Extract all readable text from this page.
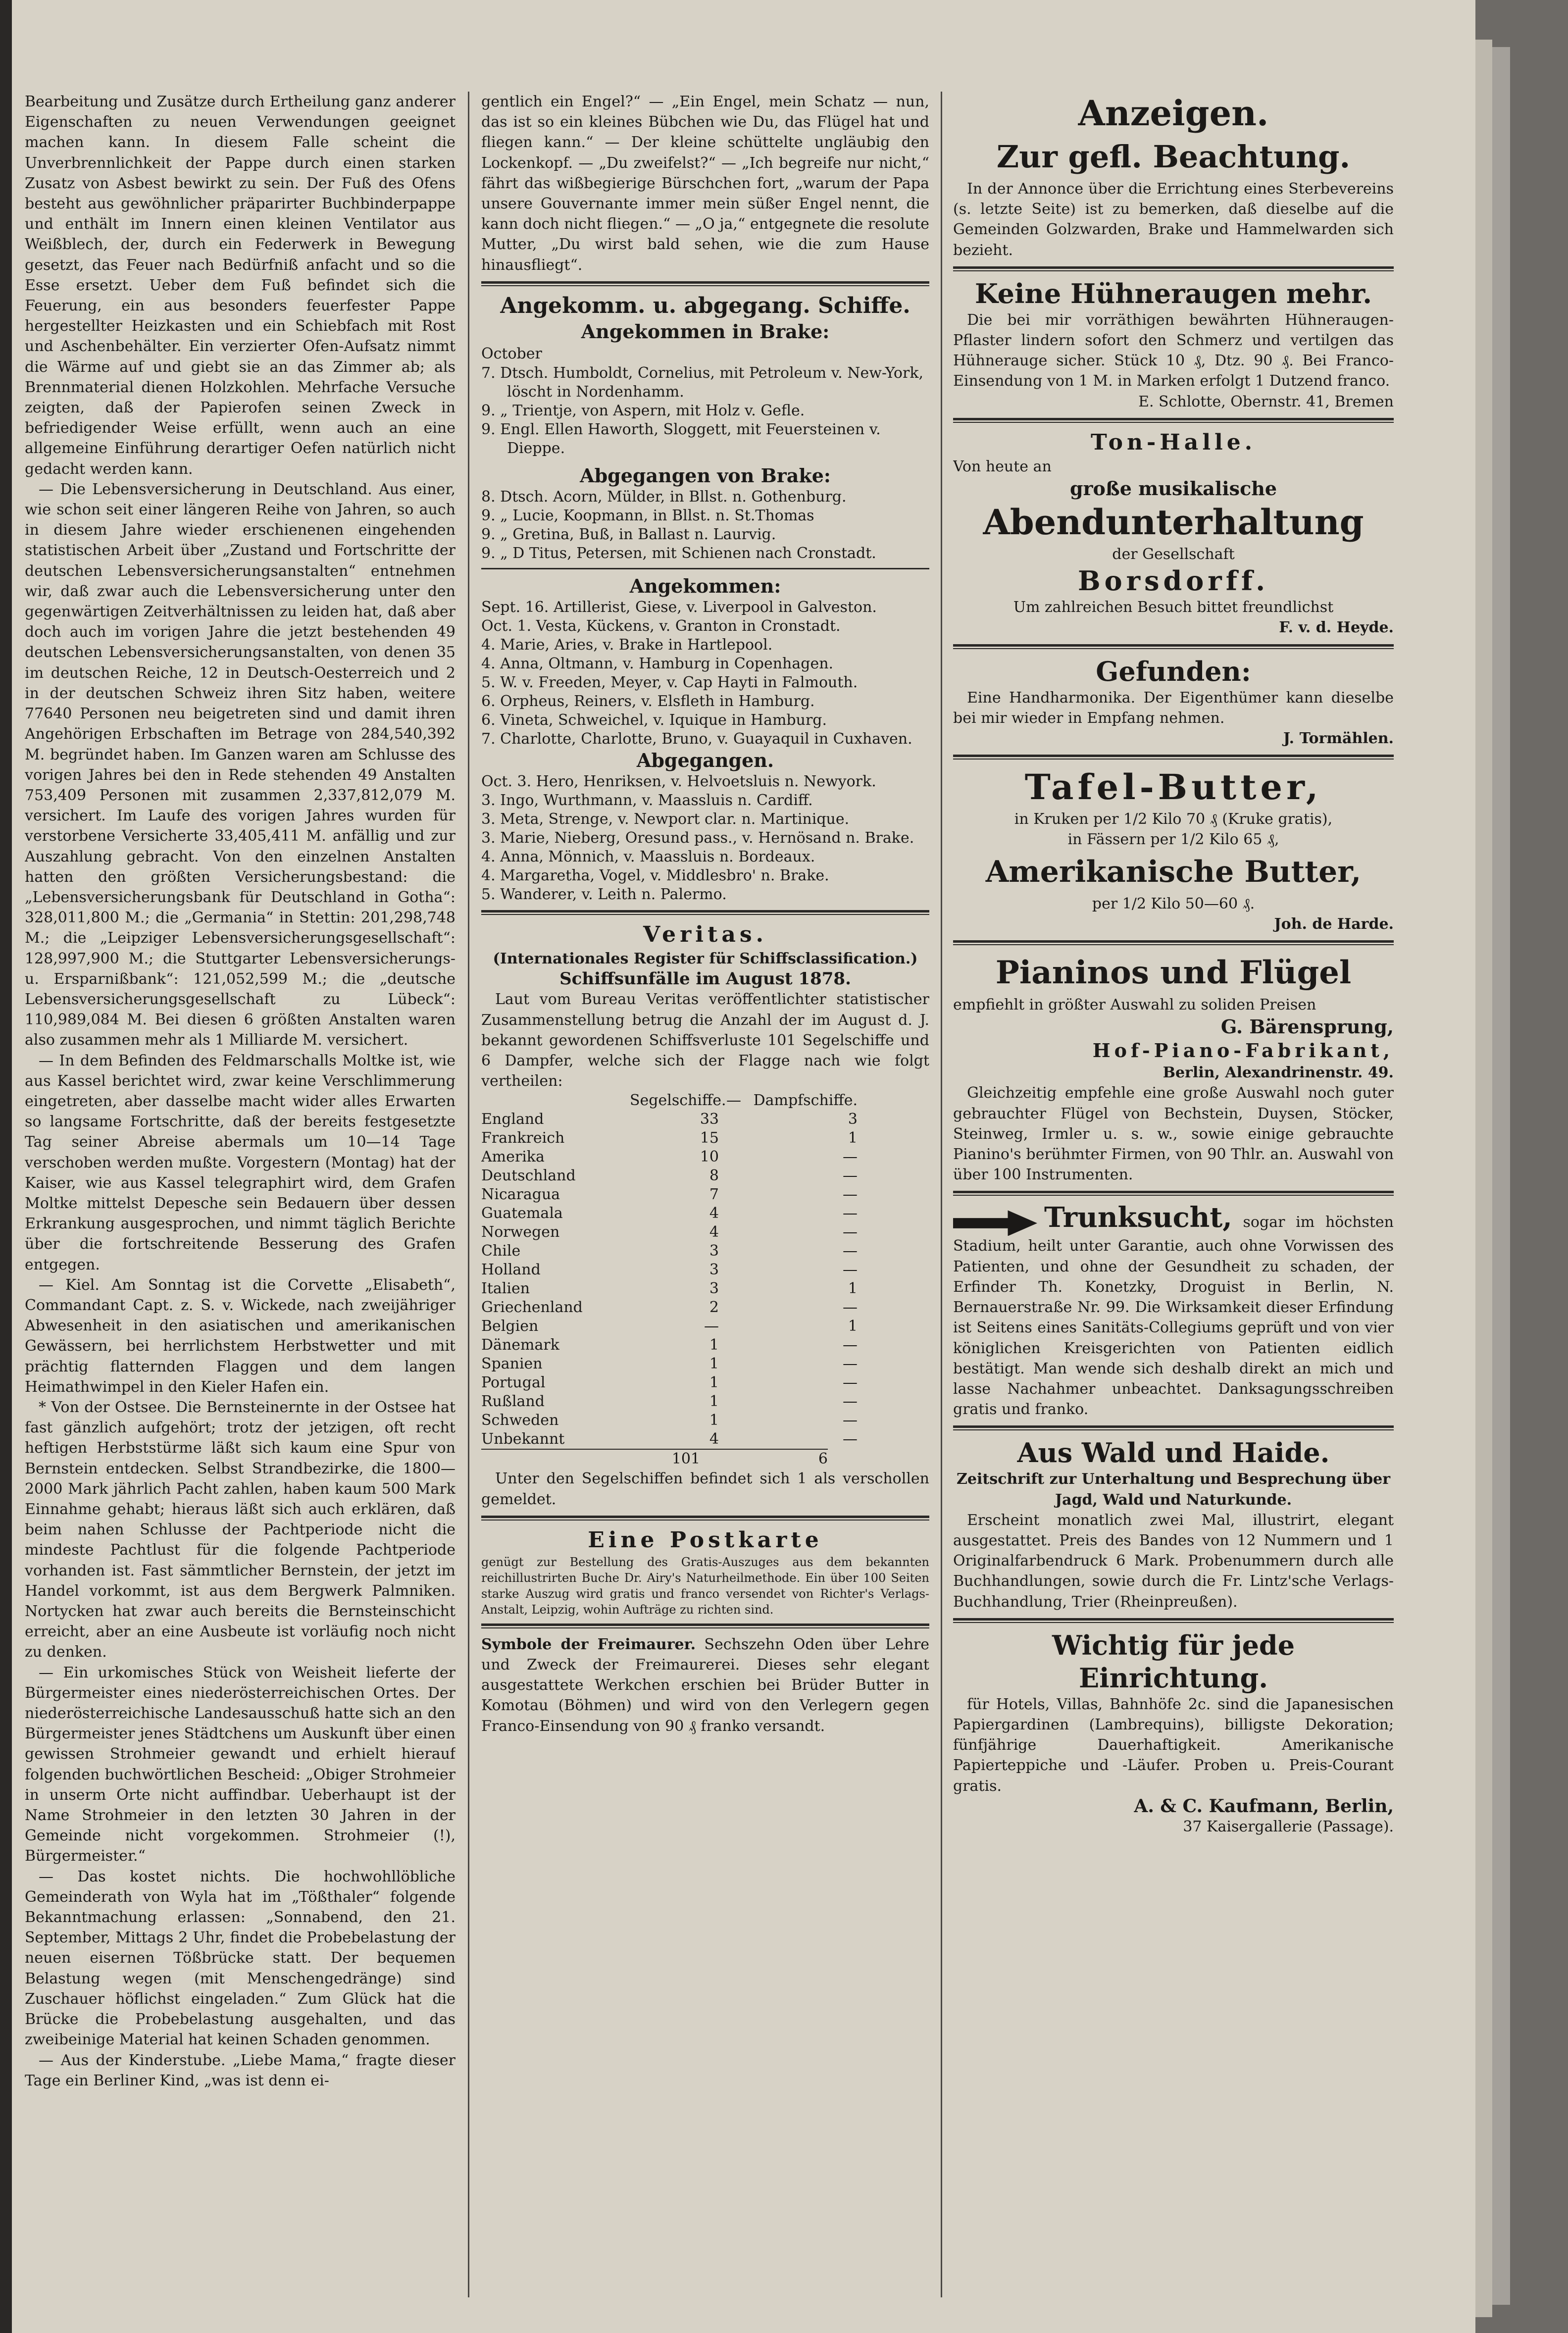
Bearbeitung und Zusätze durch Ertheilung ganz anderer Eigenschaften zu neuen Verwendungen geeignet machen kann. In diesem Falle scheint die Unverbrennlichkeit der Pappe durch einen starken Zusatz von Asbest bewirkt zu sein. Der Fuß des Ofens besteht aus gewöhnlicher präparirter Buchbinderpappe und enthält im Innern einen kleinen Ventilator aus Weißblech, der, durch ein Federwerk in Bewegung gesetzt, das Feuer nach Bedürfniß anfacht und so die Esse ersetzt. Ueber dem Fuß befindet sich die Feuerung, ein aus besonders feuerfester Pappe hergestellter Heizkasten und ein Schiebfach mit Rost und Aschenbehälter. Ein verzierter Ofen-Aufsatz nimmt die Wärme auf und giebt sie an das Zimmer ab; als Brennmaterial dienen Holzkohlen. Mehrfache Versuche zeigten, daß der Papierofen seinen Zweck in befriedigender Weise erfüllt, wenn auch an eine allgemeine Einführung derartiger Oefen natürlich nicht gedacht werden kann.

— Die Lebensversicherung in Deutschland. Aus einer, wie schon seit einer längeren Reihe von Jahren, so auch in diesem Jahre wieder erschienenen eingehenden statistischen Arbeit über „Zustand und Fortschritte der deutschen Lebensversicherungsanstalten“ entnehmen wir, daß zwar auch die Lebensversicherung unter den gegenwärtigen Zeitverhältnissen zu leiden hat, daß aber doch auch im vorigen Jahre die jetzt bestehenden 49 deutschen Lebensversicherungsanstalten, von denen 35 im deutschen Reiche, 12 in Deutsch-Oesterreich und 2 in der deutschen Schweiz ihren Sitz haben, weitere 77640 Personen neu beigetreten sind und damit ihren Angehörigen Erbschaften im Betrage von 284,540,392 M. begründet haben. Im Ganzen waren am Schlusse des vorigen Jahres bei den in Rede stehenden 49 Anstalten 753,409 Personen mit zusammen 2,337,812,079 M. versichert. Im Laufe des vorigen Jahres wurden für verstorbene Versicherte 33,405,411 M. anfällig und zur Auszahlung gebracht. Von den einzelnen Anstalten hatten den größten Versicherungsbestand: die „Lebensversicherungsbank für Deutschland in Gotha“: 328,011,800 M.; die „Germania“ in Stettin: 201,298,748 M.; die „Leipziger Lebensversicherungsgesellschaft“: 128,997,900 M.; die Stuttgarter Lebensversicherungs- u. Ersparnißbank“: 121,052,599 M.; die „deutsche Lebensversicherungsgesellschaft zu Lübeck“: 110,989,084 M. Bei diesen 6 größten Anstalten waren also zusammen mehr als 1 Milliarde M. versichert.

— In dem Befinden des Feldmarschalls Moltke ist, wie aus Kassel berichtet wird, zwar keine Verschlimmerung eingetreten, aber dasselbe macht wider alles Erwarten so langsame Fortschritte, daß der bereits festgesetzte Tag seiner Abreise abermals um 10—14 Tage verschoben werden mußte. Vorgestern (Montag) hat der Kaiser, wie aus Kassel telegraphirt wird, dem Grafen Moltke mittelst Depesche sein Bedauern über dessen Erkrankung ausgesprochen, und nimmt täglich Berichte über die fortschreitende Besserung des Grafen entgegen.

— Kiel. Am Sonntag ist die Corvette „Elisabeth“, Commandant Capt. z. S. v. Wickede, nach zweijähriger Abwesenheit in den asiatischen und amerikanischen Gewässern, bei herrlichstem Herbstwetter und mit prächtig flatternden Flaggen und dem langen Heimathwimpel in den Kieler Hafen ein.

* Von der Ostsee. Die Bernsteinernte in der Ostsee hat fast gänzlich aufgehört; trotz der jetzigen, oft recht heftigen Herbststürme läßt sich kaum eine Spur von Bernstein entdecken. Selbst Strandbezirke, die 1800—2000 Mark jährlich Pacht zahlen, haben kaum 500 Mark Einnahme gehabt; hieraus läßt sich auch erklären, daß beim nahen Schlusse der Pachtperiode nicht die mindeste Pachtlust für die folgende Pachtperiode vorhanden ist. Fast sämmtlicher Bernstein, der jetzt im Handel vorkommt, ist aus dem Bergwerk Palmniken. Nortycken hat zwar auch bereits die Bernsteinschicht erreicht, aber an eine Ausbeute ist vorläufig noch nicht zu denken.

— Ein urkomisches Stück von Weisheit lieferte der Bürgermeister eines niederösterreichischen Ortes. Der niederösterreichische Landesausschuß hatte sich an den Bürgermeister jenes Städtchens um Auskunft über einen gewissen Strohmeier gewandt und erhielt hierauf folgenden buchwörtlichen Bescheid: „Obiger Strohmeier in unserm Orte nicht auffindbar. Ueberhaupt ist der Name Strohmeier in den letzten 30 Jahren in der Gemeinde nicht vorgekommen. Strohmeier (!), Bürgermeister.“

— Das kostet nichts. Die hochwohllöbliche Gemeinderath von Wyla hat im „Tößthaler“ folgende Bekanntmachung erlassen: „Sonnabend, den 21. September, Mittags 2 Uhr, findet die Probebelastung der neuen eisernen Tößbrücke statt. Der bequemen Belastung wegen (mit Menschengedränge) sind Zuschauer höflichst eingeladen.“ Zum Glück hat die Brücke die Probebelastung ausgehalten, und das zweibeinige Material hat keinen Schaden genommen.

— Aus der Kinderstube. „Liebe Mama,“ fragte dieser Tage ein Berliner Kind, „was ist denn ei-

gentlich ein Engel?“ — „Ein Engel, mein Schatz — nun, das ist so ein kleines Bübchen wie Du, das Flügel hat und fliegen kann.“ — Der kleine schüttelte ungläubig den Lockenkopf. — „Du zweifelst?“ — „Ich begreife nur nicht,“ fährt das wißbegierige Bürschchen fort, „warum der Papa unsere Gouvernante immer mein süßer Engel nennt, die kann doch nicht fliegen.“ — „O ja,“ entgegnete die resolute Mutter, „Du wirst bald sehen, wie die zum Hause hinausfliegt“.

Angekomm. u. abgegang. Schiffe.

Angekommen in Brake:

October

7. Dtsch. Humboldt, Cornelius, mit Petroleum v. New-York, löscht in Nordenhamm.

9. „ Trientje, von Aspern, mit Holz v. Gefle.

9. Engl. Ellen Haworth, Sloggett, mit Feuersteinen v. Dieppe.

Abgegangen von Brake:

8. Dtsch. Acorn, Mülder, in Bllst. n. Gothenburg.

9. „ Lucie, Koopmann, in Bllst. n. St.Thomas

9. „ Gretina, Buß, in Ballast n. Laurvig.

9. „ D Titus, Petersen, mit Schienen nach Cronstadt.

Angekommen:

Sept. 16. Artillerist, Giese, v. Liverpool in Galveston.

Oct. 1. Vesta, Kückens, v. Granton in Cronstadt.

4. Marie, Aries, v. Brake in Hartlepool.

4. Anna, Oltmann, v. Hamburg in Copenhagen.

5. W. v. Freeden, Meyer, v. Cap Hayti in Falmouth.

6. Orpheus, Reiners, v. Elsfleth in Hamburg.

6. Vineta, Schweichel, v. Iquique in Hamburg.

7. Charlotte, Charlotte, Bruno, v. Guayaquil in Cuxhaven.

Abgegangen.

Oct. 3. Hero, Henriksen, v. Helvoetsluis n. Newyork.

3. Ingo, Wurthmann, v. Maassluis n. Cardiff.

3. Meta, Strenge, v. Newport clar. n. Martinique.

3. Marie, Nieberg, Oresund pass., v. Hernösand n. Brake.

4. Anna, Mönnich, v. Maassluis n. Bordeaux.

4. Margaretha, Vogel, v. Middlesbro' n. Brake.

5. Wanderer, v. Leith n. Palermo.

Veritas.

(Internationales Register für Schiffsclassification.)

Schiffsunfälle im August 1878.

Laut vom Bureau Veritas veröffentlichter statistischer Zusammenstellung betrug die Anzahl der im August d. J. bekannt gewordenen Schiffsverluste 101 Segelschiffe und 6 Dampfer, welche sich der Flagge nach wie folgt vertheilen:

Segelschiffe. — Dampfschiffe.
England	33	3
Frankreich	15	1
Amerika	10	—
Deutschland	8	—
Nicaragua	7	—
Guatemala	4	—
Norwegen	4	—
Chile	3	—
Holland	3	—
Italien	3	1
Griechenland	2	—
Belgien	—	1
Dänemark	1	—
Spanien	1	—
Portugal	1	—
Rußland	1	—
Schweden	1	—
Unbekannt	4	—
101	6

Unter den Segelschiffen befindet sich 1 als verschollen gemeldet.

Eine Postkarte

genügt zur Bestellung des Gratis-Auszuges aus dem bekannten reichillustrirten Buche Dr. Airy's Naturheilmethode. Ein über 100 Seiten starke Auszug wird gratis und franco versendet von Richter's Verlags-Anstalt, Leipzig, wohin Aufträge zu richten sind.

Symbole der Freimaurer. Sechszehn Oden über Lehre und Zweck der Freimaurerei. Dieses sehr elegant ausgestattete Werkchen erschien bei Brüder Butter in Komotau (Böhmen) und wird von den Verlegern gegen Franco-Einsendung von 90 ₰ franko versandt.

Anzeigen.

Zur gefl. Beachtung.

In der Annonce über die Errichtung eines Sterbevereins (s. letzte Seite) ist zu bemerken, daß dieselbe auf die Gemeinden Golzwarden, Brake und Hammelwarden sich bezieht.

Keine Hühneraugen mehr.

Die bei mir vorräthigen bewährten Hühneraugen-Pflaster lindern sofort den Schmerz und vertilgen das Hühnerauge sicher. Stück 10 ₰, Dtz. 90 ₰. Bei Franco-Einsendung von 1 M. in Marken erfolgt 1 Dutzend franco.

E. Schlotte, Obernstr. 41, Bremen

Ton-Halle.

Von heute an

große musikalische

Abendunterhaltung

der Gesellschaft

Borsdorff.

Um zahlreichen Besuch bittet freundlichst

F. v. d. Heyde.

Gefunden:

Eine Handharmonika. Der Eigenthümer kann dieselbe bei mir wieder in Empfang nehmen.

J. Tormählen.

Tafel-Butter,

in Kruken per 1/2 Kilo 70 ₰ (Kruke gratis),

in Fässern per 1/2 Kilo 65 ₰,

Amerikanische Butter,

per 1/2 Kilo 50—60 ₰.

Joh. de Harde.

Pianinos und Flügel

empfiehlt in größter Auswahl zu soliden Preisen

G. Bärensprung,

Hof-Piano-Fabrikant,

Berlin, Alexandrinenstr. 49.

Gleichzeitig empfehle eine große Auswahl noch guter gebrauchter Flügel von Bechstein, Duysen, Stöcker, Steinweg, Irmler u. s. w., sowie einige gebrauchte Pianino's berühmter Firmen, von 90 Thlr. an. Auswahl von über 100 Instrumenten.

Trunksucht, sogar im höchsten Stadium, heilt unter Garantie, auch ohne Vorwissen des Patienten, und ohne der Gesundheit zu schaden, der Erfinder Th. Konetzky, Droguist in Berlin, N. Bernauerstraße Nr. 99. Die Wirksamkeit dieser Erfindung ist Seitens eines Sanitäts-Collegiums geprüft und von vier königlichen Kreisgerichten von Patienten eidlich bestätigt. Man wende sich deshalb direkt an mich und lasse Nachahmer unbeachtet. Danksagungsschreiben gratis und franko.

Aus Wald und Haide.

Zeitschrift zur Unterhaltung und Besprechung über Jagd, Wald und Naturkunde.

Erscheint monatlich zwei Mal, illustrirt, elegant ausgestattet. Preis des Bandes von 12 Nummern und 1 Originalfarbendruck 6 Mark. Probenummern durch alle Buchhandlungen, sowie durch die Fr. Lintz'sche Verlags-Buchhandlung, Trier (Rheinpreußen).

Wichtig für jede

Einrichtung.

für Hotels, Villas, Bahnhöfe 2c. sind die Japanesischen Papiergardinen (Lambrequins), billigste Dekoration; fünfjährige Dauerhaftigkeit. Amerikanische Papierteppiche und -Läufer. Proben u. Preis-Courant gratis.

A. & C. Kaufmann, Berlin,

37 Kaisergallerie (Passage).
